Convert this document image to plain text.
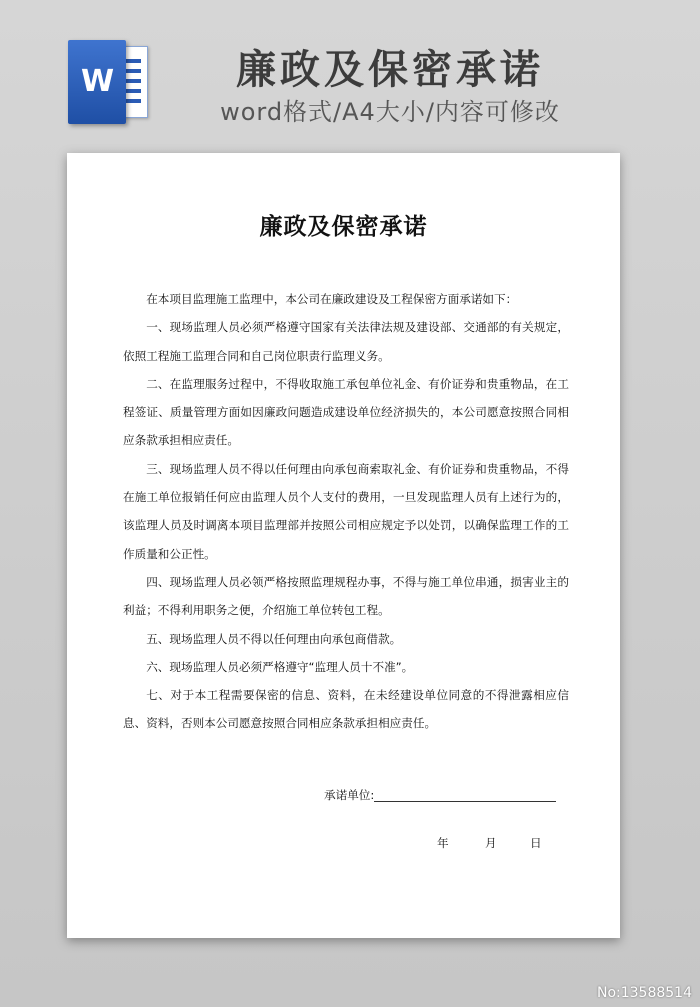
W	廉政及保密承诺
word格式/A4大小/内容可修改
廉政及保密承诺

在本项目监理施工监理中，本公司在廉政建设及工程保密方面承诺如下：

一、现场监理人员必须严格遵守国家有关法律法规及建设部、交通部的有关规定，依照工程施工监理合同和自己岗位职责行监理义务。

二、在监理服务过程中，不得收取施工承包单位礼金、有价证券和贵重物品，在工程签证、质量管理方面如因廉政问题造成建设单位经济损失的，本公司愿意按照合同相应条款承担相应责任。

三、现场监理人员不得以任何理由向承包商索取礼金、有价证券和贵重物品，不得在施工单位报销任何应由监理人员个人支付的费用，一旦发现监理人员有上述行为的，该监理人员及时调离本项目监理部并按照公司相应规定予以处罚，以确保监理工作的工作质量和公正性。

四、现场监理人员必领严格按照监理规程办事，不得与施工单位串通，损害业主的利益；不得利用职务之便，介绍施工单位转包工程。

五、现场监理人员不得以任何理由向承包商借款。

六、现场监理人员必须严格遵守“监理人员十不准”。

七、对于本工程需要保密的信息、资料，在未经建设单位同意的不得泄露相应信息、资料，否则本公司愿意按照合同相应条款承担相应责任。

承诺单位:
年	月	日
No:13588514
